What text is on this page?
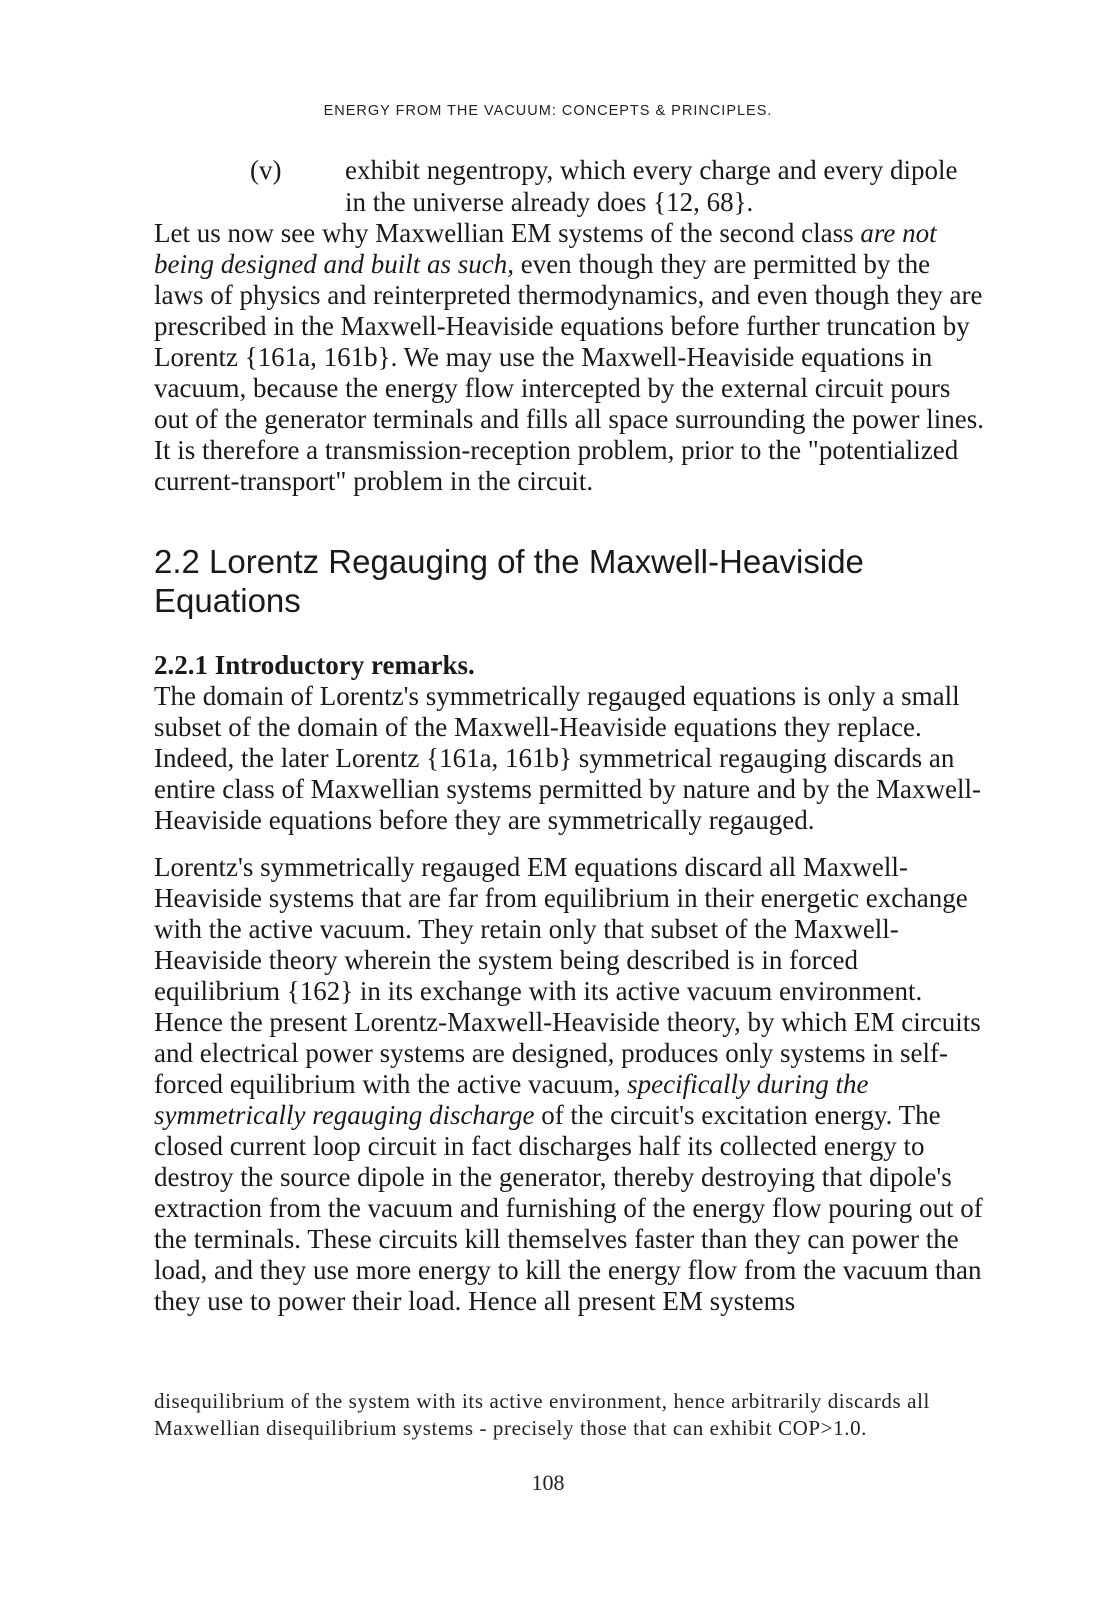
ENERGY FROM THE VACUUM: CONCEPTS & PRINCIPLES.
(v) exhibit negentropy, which every charge and every dipole
in the universe already does {12, 68}.

Let us now see why Maxwellian EM systems of the second class are not being designed and built as such, even though they are permitted by the laws of physics and reinterpreted thermodynamics, and even though they are prescribed in the Maxwell-Heaviside equations before further truncation by Lorentz {161a, 161b}. We may use the Maxwell-Heaviside equations in vacuum, because the energy flow intercepted by the external circuit pours out of the generator terminals and fills all space surrounding the power lines. It is therefore a transmission-reception problem, prior to the "potentialized current-transport" problem in the circuit.

2.2 Lorentz Regauging of the Maxwell-Heaviside Equations
2.2.1 Introductory remarks.
The domain of Lorentz's symmetrically regauged equations is only a small subset of the domain of the Maxwell-Heaviside equations they replace. Indeed, the later Lorentz {161a, 161b} symmetrical regauging discards an entire class of Maxwellian systems permitted by nature and by the Maxwell-Heaviside equations before they are symmetrically regauged.

Lorentz's symmetrically regauged EM equations discard all Maxwell-Heaviside systems that are far from equilibrium in their energetic exchange with the active vacuum. They retain only that subset of the Maxwell-Heaviside theory wherein the system being described is in forced equilibrium {162} in its exchange with its active vacuum environment. Hence the present Lorentz-Maxwell-Heaviside theory, by which EM circuits and electrical power systems are designed, produces only systems in self-forced equilibrium with the active vacuum, specifically during the symmetrically regauging discharge of the circuit's excitation energy. The closed current loop circuit in fact discharges half its collected energy to destroy the source dipole in the generator, thereby destroying that dipole's extraction from the vacuum and furnishing of the energy flow pouring out of the terminals. These circuits kill themselves faster than they can power the load, and they use more energy to kill the energy flow from the vacuum than they use to power their load. Hence all present EM systems

disequilibrium of the system with its active environment, hence arbitrarily discards all Maxwellian disequilibrium systems - precisely those that can exhibit COP>1.0.
108
